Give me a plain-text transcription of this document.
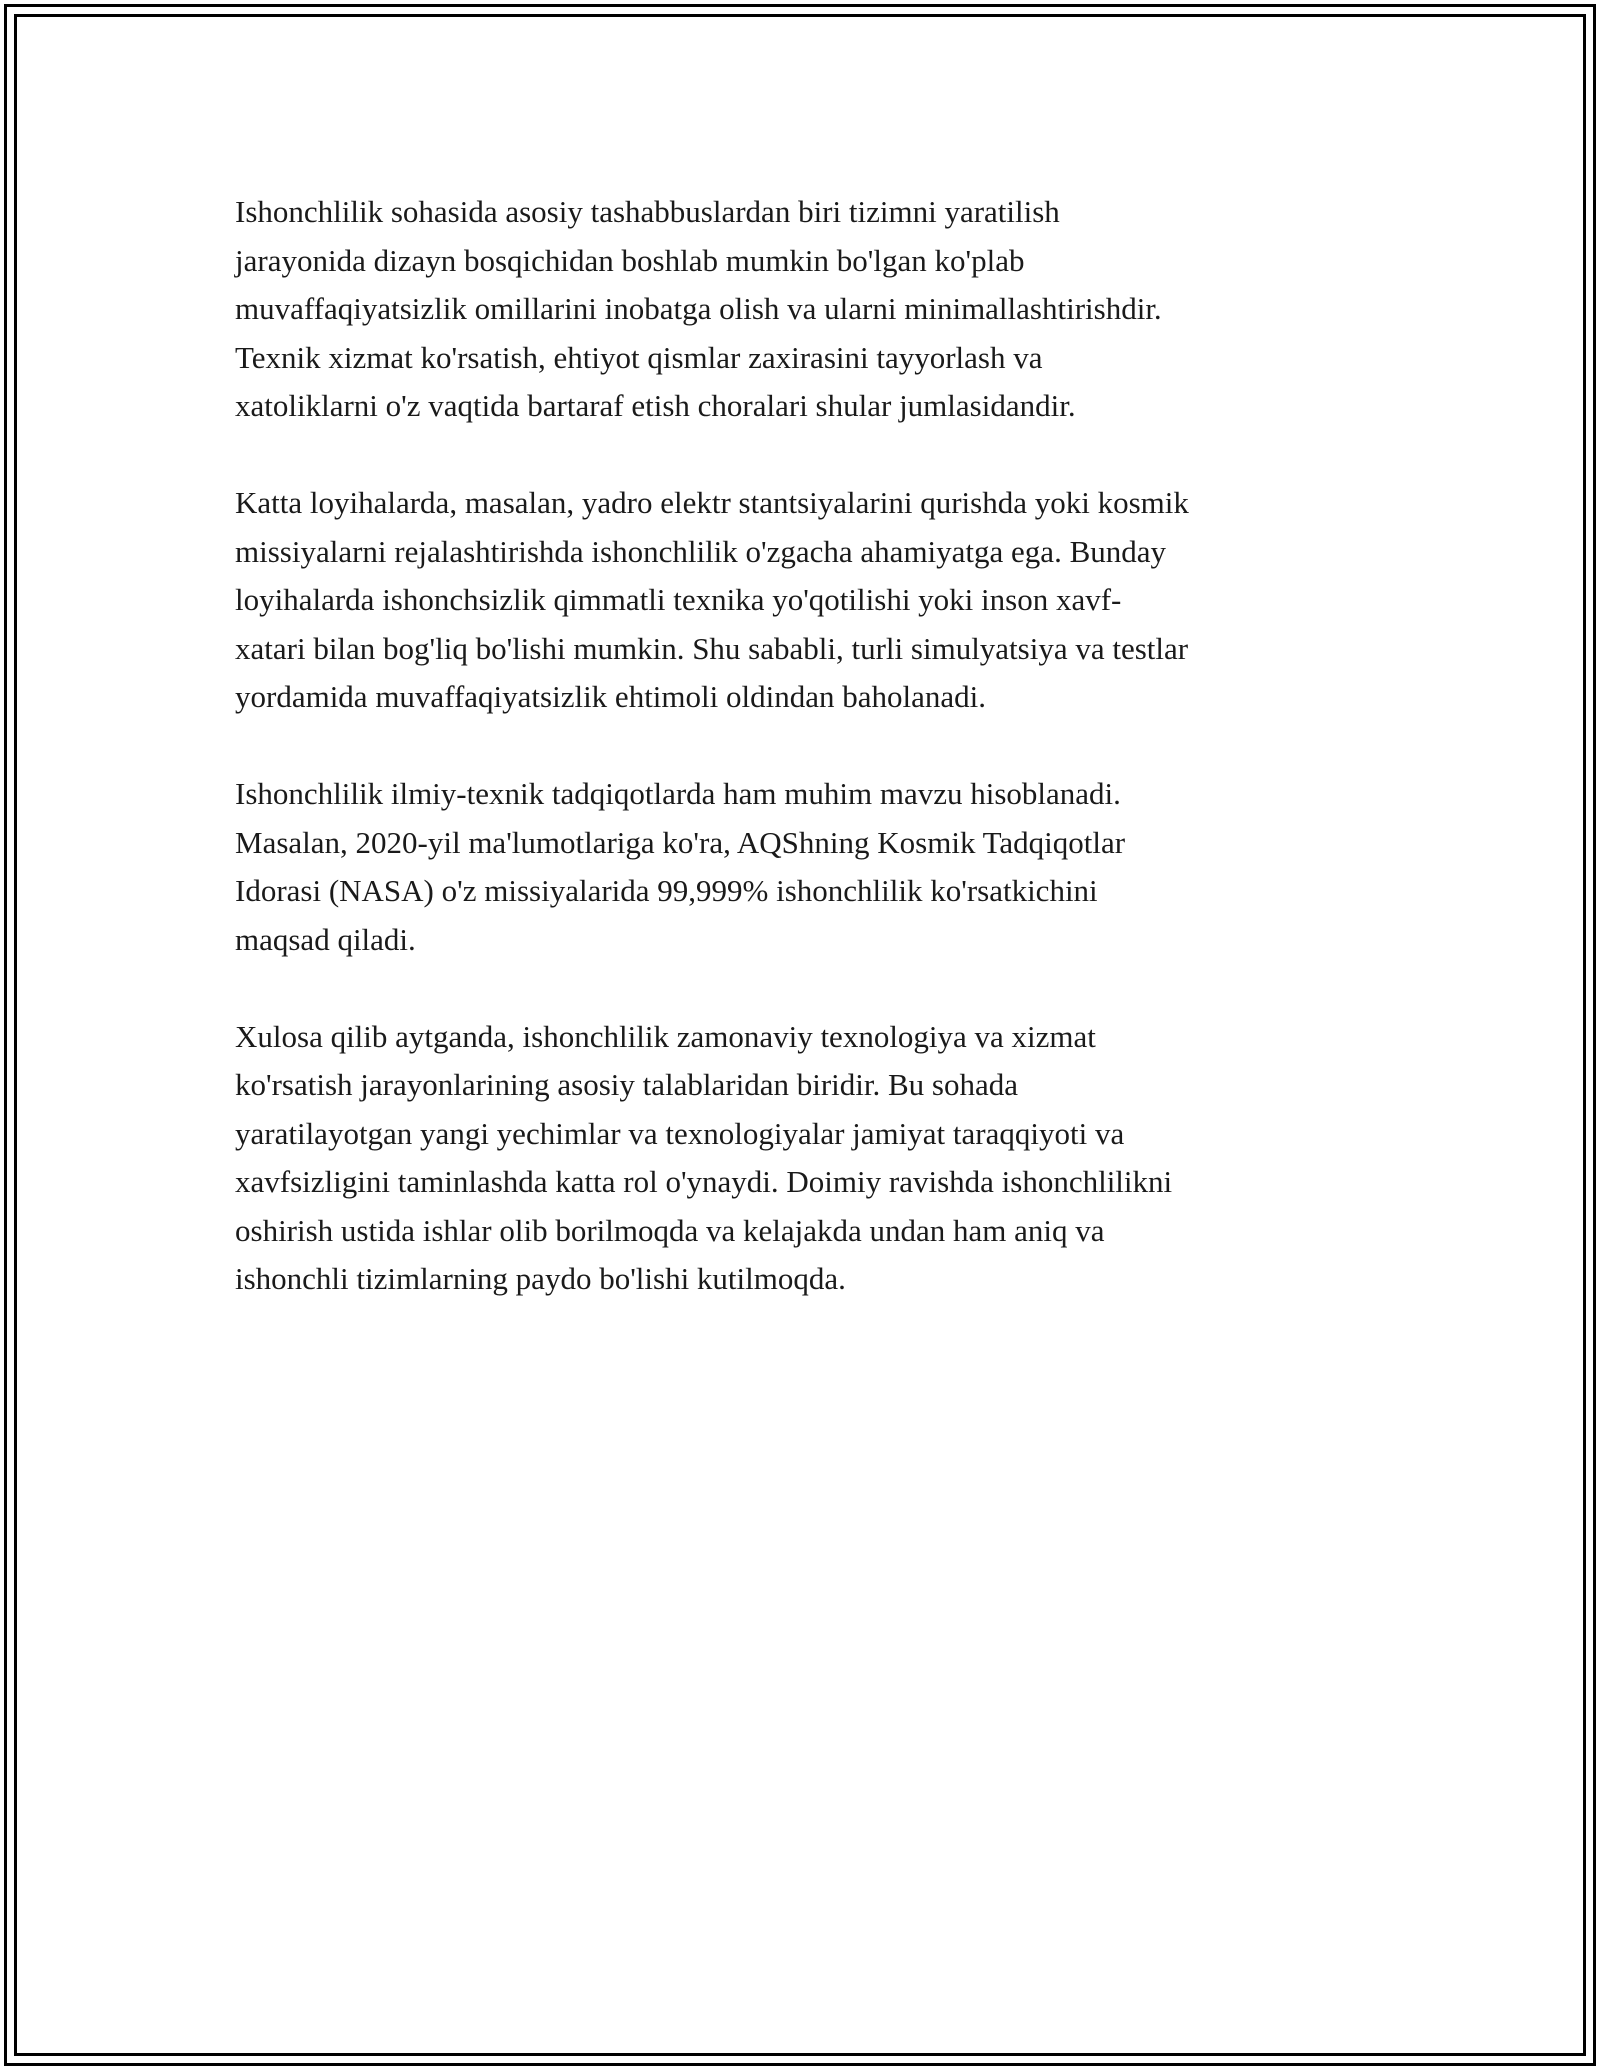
Ishonchlilik sohasida asosiy tashabbuslardan biri tizimni yaratilish
jarayonida dizayn bosqichidan boshlab mumkin bo'lgan ko'plab
muvaffaqiyatsizlik omillarini inobatga olish va ularni minimallashtirishdir.
Texnik xizmat ko'rsatish, ehtiyot qismlar zaxirasini tayyorlash va
xatoliklarni o'z vaqtida bartaraf etish choralari shular jumlasidandir.

Katta loyihalarda, masalan, yadro elektr stantsiyalarini qurishda yoki kosmik
missiyalarni rejalashtirishda ishonchlilik o'zgacha ahamiyatga ega. Bunday
loyihalarda ishonchsizlik qimmatli texnika yo'qotilishi yoki inson xavf-
xatari bilan bog'liq bo'lishi mumkin. Shu sababli, turli simulyatsiya va testlar
yordamida muvaffaqiyatsizlik ehtimoli oldindan baholanadi.

Ishonchlilik ilmiy-texnik tadqiqotlarda ham muhim mavzu hisoblanadi.
Masalan, 2020-yil ma'lumotlariga ko'ra, AQShning Kosmik Tadqiqotlar
Idorasi (NASA) o'z missiyalarida 99,999% ishonchlilik ko'rsatkichini
maqsad qiladi.

Xulosa qilib aytganda, ishonchlilik zamonaviy texnologiya va xizmat
ko'rsatish jarayonlarining asosiy talablaridan biridir. Bu sohada
yaratilayotgan yangi yechimlar va texnologiyalar jamiyat taraqqiyoti va
xavfsizligini taminlashda katta rol o'ynaydi. Doimiy ravishda ishonchlilikni
oshirish ustida ishlar olib borilmoqda va kelajakda undan ham aniq va
ishonchli tizimlarning paydo bo'lishi kutilmoqda.
